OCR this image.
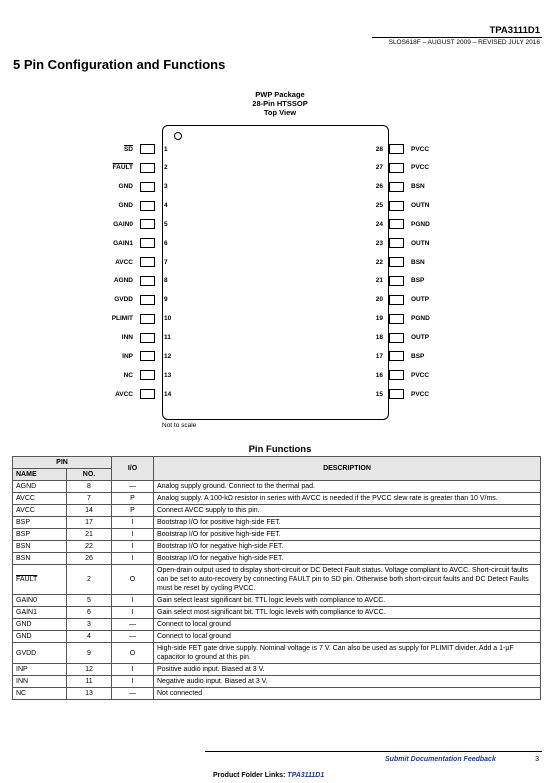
TPA3111D1
SLOS618F – AUGUST 2009 – REVISED JULY 2016
5 Pin Configuration and Functions
PWP Package
28-Pin HTSSOP
Top View
$\overline{SD}$	1
FAULT	2
GND	3
GND	4
GAIN0	5
GAIN1	6
AVCC	7
AGND	8
GVDD	9
PLIMIT	10
INN	11
INP	12
NC	13
AVCC	14
28	PVCC
27	PVCC
26	BSN
25	OUTN
24	PGND
23	OUTN
22	BSN
21	BSP
20	OUTP
19	PGND
18	OUTP
17	BSP
16	PVCC
15	PVCC
Not to scale
Pin Functions
PIN		I/O	DESCRIPTION
NAME	NO.		
AGND	8	—	Analog supply ground. Connect to the thermal pad.
AVCC	7	P	Analog supply. A 100-kΩ resistor in series with AVCC is needed if the PVCC slew rate is greater than 10 V/ms.
AVCC	14	P	Connect AVCC supply to this pin.
BSP	17	I	Bootstrap I/O for positive high-side FET.
BSP	21	I	Bootstrap I/O for positive high-side FET.
BSN	22	I	Bootstrap I/O for negative high-side FET.
BSN	26	I	Bootstrap I/O for negative high-side FET.
FAULT	2	O	Open-drain output used to display short-circuit or DC Detect Fault status. Voltage compliant to AVCC. Short-circuit faults can be set to auto-recovery by connecting FAULT pin to SD pin. Otherwise both short-circuit faults and DC Detect Faults must be reset by cycling PVCC.
GAIN0	5	I	Gain select least significant bit. TTL logic levels with compliance to AVCC.
GAIN1	6	I	Gain select most significant bit. TTL logic levels with compliance to AVCC.
GND	3	—	Connect to local ground
GND	4	—	Connect to local ground
GVDD	9	O	High-side FET gate drive supply. Nominal voltage is 7 V. Can also be used as supply for PLIMIT divider. Add a 1-μF capacitor to ground at this pin.
INP	12	I	Positive audio input. Biased at 3 V.
INN	11	I	Negative audio input. Biased at 3 V.
NC	13	—	Not connected
Submit Documentation Feedback	3
Product Folder Links: TPA3111D1
